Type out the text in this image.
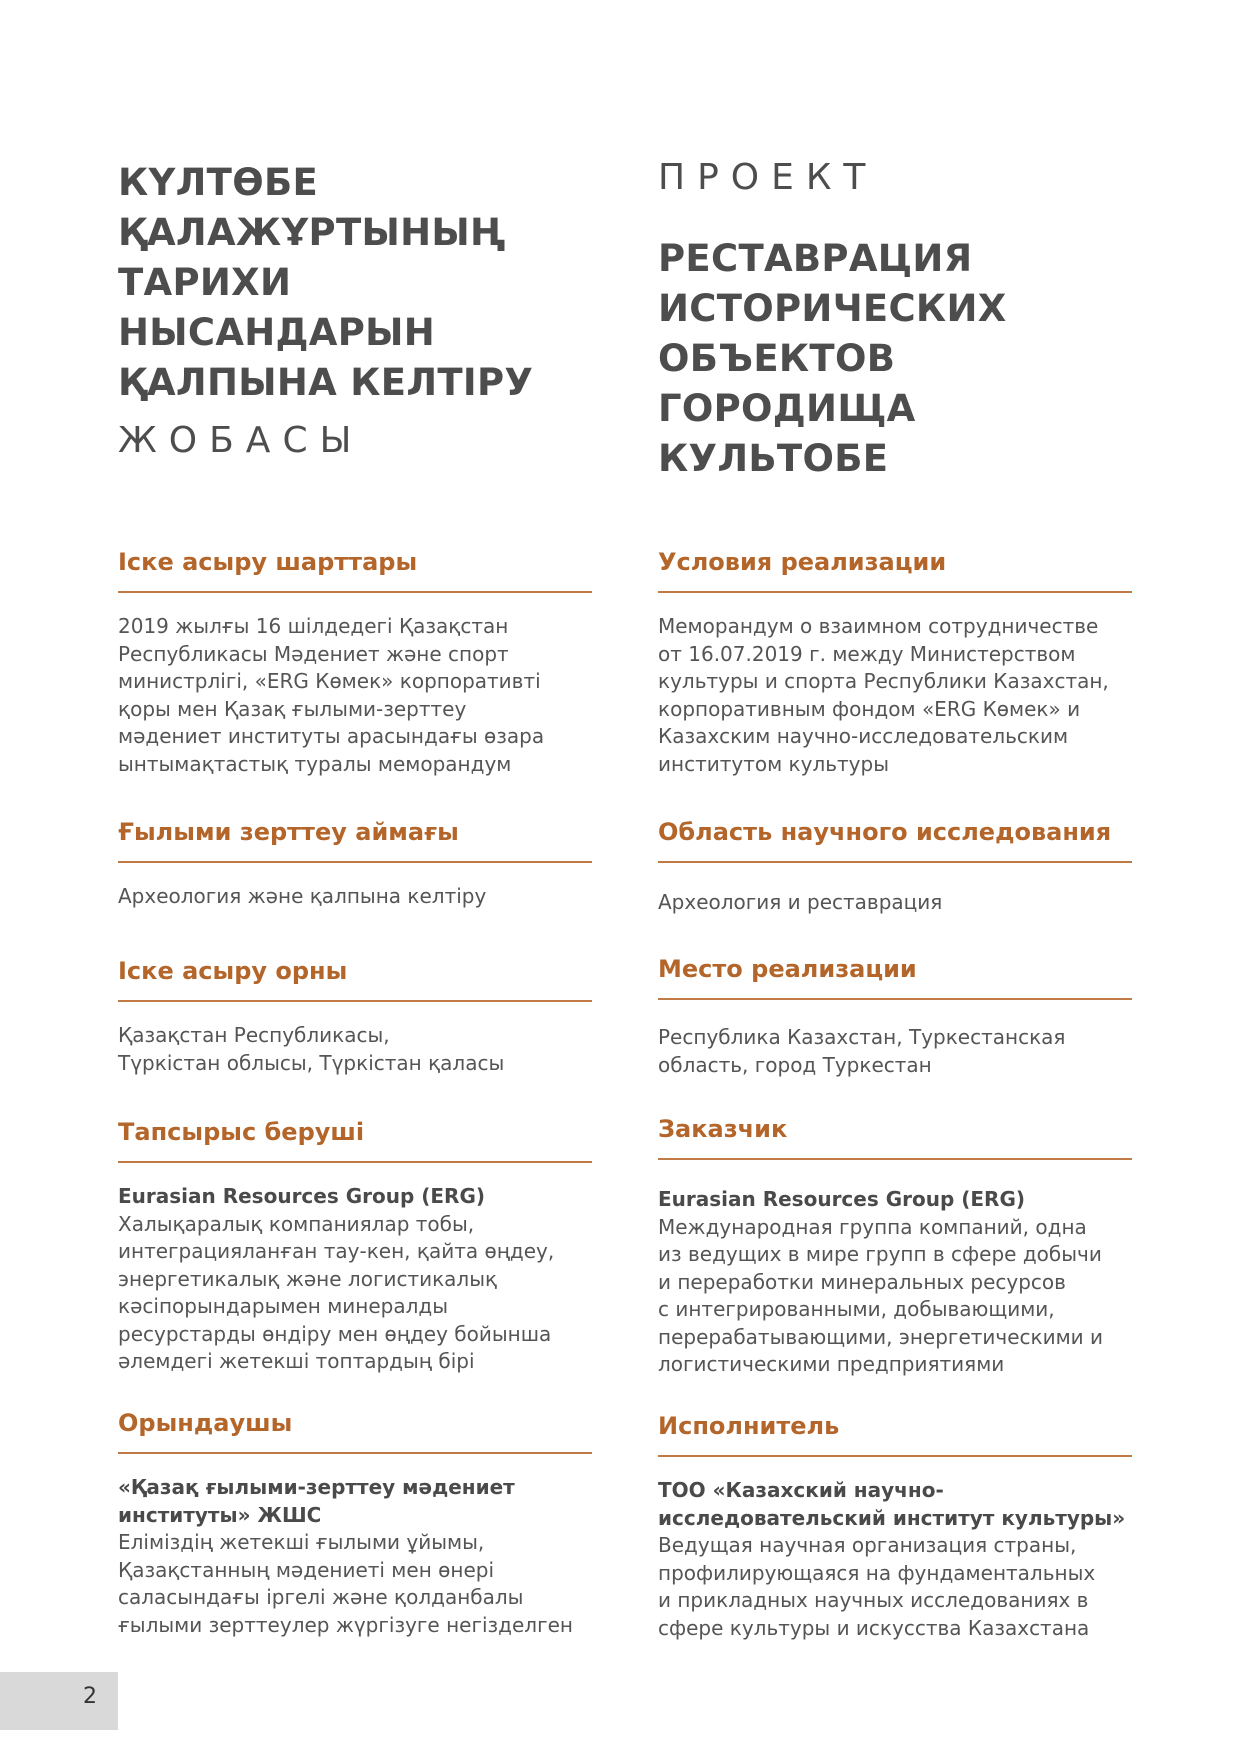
КҮЛТӨБЕ
ҚАЛАЖҰРТЫНЫҢ
ТАРИХИ
НЫСАНДАРЫН
ҚАЛПЫНА КЕЛТІРУ
ЖОБАСЫ
ПРОЕКТ
РЕСТАВРАЦИЯ
ИСТОРИЧЕСКИХ
ОБЪЕКТОВ
ГОРОДИЩА КУЛЬТОБЕ
Іске асыру шарттары

2019 жылғы 16 шілдедегі Қазақстан

Республикасы Мәдениет және спорт

министрлігі, «ERG Көмек» корпоративті

қоры мен Қазақ ғылыми-зерттеу

мәдениет институты арасындағы өзара

ынтымақтастық туралы меморандум

Ғылыми зерттеу аймағы

Археология және қалпына келтіру

Іске асыру орны

Қазақстан Республикасы,

Түркістан облысы, Түркістан қаласы

Тапсырыс беруші

Eurasian Resources Group (ERG)

Халықаралық компаниялар тобы,

интеграцияланған тау-кен, қайта өңдеу,

энергетикалық және логистикалық

кәсіпорындарымен минералды

ресурстарды өндіру мен өңдеу бойынша

әлемдегі жетекші топтардың бірі

Орындаушы

«Қазақ ғылыми-зерттеу мәдениет

институты» ЖШС

Еліміздің жетекші ғылыми ұйымы,

Қазақстанның мәдениеті мен өнері

саласындағы іргелі және қолданбалы

ғылыми зерттеулер жүргізуге негізделген

Условия реализации

Меморандум о взаимном сотрудничестве

от 16.07.2019 г. между Министерством

культуры и спорта Республики Казахстан,

корпоративным фондом «ERG Көмек» и

Казахским научно-исследовательским

институтом культуры

Область научного исследования

Археология и реставрация

Место реализации

Республика Казахстан, Туркестанская

область, город Туркестан

Заказчик

Eurasian Resources Group (ERG)

Международная группа компаний, одна

из ведущих в мире групп в сфере добычи

и переработки минеральных ресурсов

с интегрированными, добывающими,

перерабатывающими, энергетическими и

логистическими предприятиями

Исполнитель

ТОО «Казахский научно-

исследовательский институт культуры»

Ведущая научная организация страны,

профилирующаяся на фундаментальных

и прикладных научных исследованиях в

сфере культуры и искусства Казахстана

2
